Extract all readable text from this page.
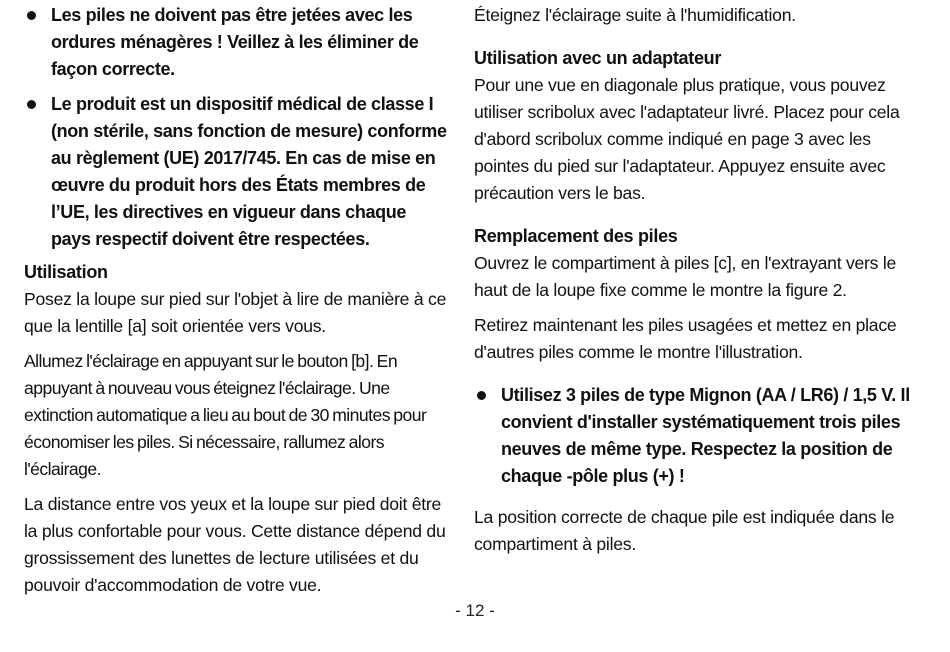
Les piles ne doivent pas être jetées avec les ordures ménagères ! Veillez à les éliminer de façon correcte.
Le produit est un dispositif médical de classe I (non stérile, sans fonction de mesure) conforme au règlement (UE) 2017/745. En cas de mise en œuvre du produit hors des États membres de l’UE, les directives en vigueur dans chaque pays respectif doivent être respectées.
Utilisation

Posez la loupe sur pied sur l'objet à lire de manière à ce que la lentille [a] soit orientée vers vous.

Allumez l'éclairage en appuyant sur le bouton [b]. En appuyant à nouveau vous éteignez l'éclairage. Une extinction automatique a lieu au bout de 30 minutes pour économiser les piles. Si nécessaire, rallumez alors l'éclairage.

La distance entre vos yeux et la loupe sur pied doit être la plus confortable pour vous. Cette distance dépend du grossissement des lunettes de lecture utilisées et du pouvoir d'accommodation de votre vue.

Éteignez l'éclairage suite à l'humidification.

Utilisation avec un adaptateur

Pour une vue en diagonale plus pratique, vous pouvez utiliser scribolux avec l'adaptateur livré. Placez pour cela d'abord scribolux comme indiqué en page 3 avec les pointes du pied sur l'adaptateur. Appuyez ensuite avec précaution vers le bas.

Remplacement des piles

Ouvrez le compartiment à piles [c], en l'extrayant vers le haut de la loupe fixe comme le montre la figure 2.

Retirez maintenant les piles usagées et mettez en place d'autres piles comme le montre l'illustration.

Utilisez 3 piles de type Mignon (AA / LR6) / 1,5 V. Il convient d'installer systématiquement trois piles neuves de même type. Respectez la position de chaque -pôle plus (+) !

La position correcte de chaque pile est indiquée dans le compartiment à piles.

- 12 -
